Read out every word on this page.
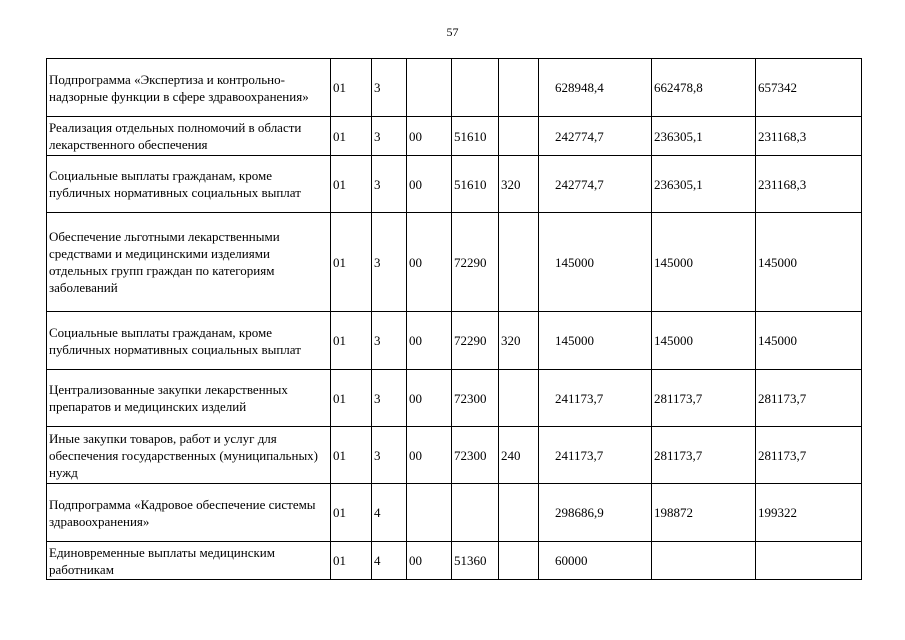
57
Подпрограмма «Экспертиза и контрольно-надзорные функции в сфере здравоохранения»	01	3				628948,4	662478,8	657342
Реализация отдельных полномочий в области лекарственного обеспечения	01	3	00	51610		242774,7	236305,1	231168,3
Социальные выплаты гражданам, кроме публичных нормативных социальных выплат	01	3	00	51610	320	242774,7	236305,1	231168,3
Обеспечение льготными лекарственными средствами и медицинскими изделиями отдельных групп граждан по категориям заболеваний	01	3	00	72290		145000	145000	145000
Социальные выплаты гражданам, кроме публичных нормативных социальных выплат	01	3	00	72290	320	145000	145000	145000
Централизованные закупки лекарственных препаратов и медицинских изделий	01	3	00	72300		241173,7	281173,7	281173,7
Иные закупки товаров, работ и услуг для обеспечения государственных (муниципальных) нужд	01	3	00	72300	240	241173,7	281173,7	281173,7
Подпрограмма «Кадровое обеспечение системы здравоохранения»	01	4				298686,9	198872	199322
Единовременные выплаты медицинским работникам	01	4	00	51360		60000		
